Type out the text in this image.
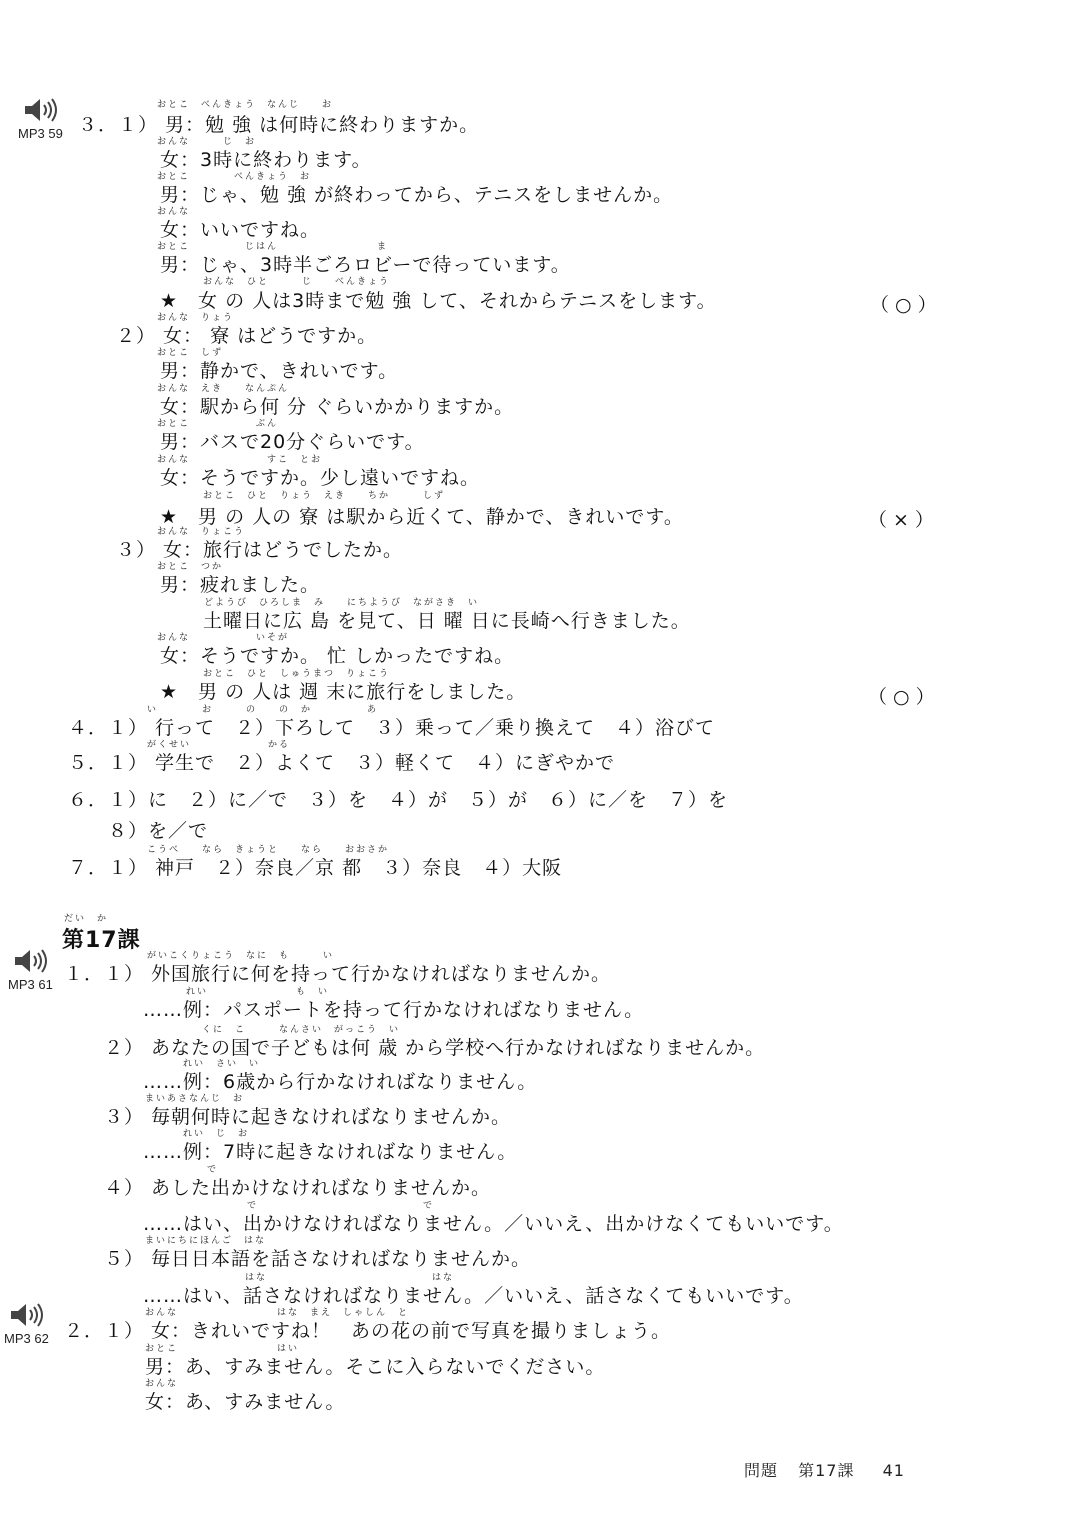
MP3 59
MP3 61
MP3 62
おとこ　べんきょう　なんじ　　お
３．１） 男：勉 強 は何時に終わりますか。
おんな　　　じ　お
女：3時に終わります。
おとこ　　　　べんきょう　お
男：じゃ、勉 強 が終わってから、テニスをしませんか。
おんな
女：いいですね。
おとこ　　　　　じはん　　　　　　　　　ま
男：じゃ、3時半ごろロビーで待っています。
おんな　ひと　　　じ　　べんきょう
★　女 の 人は3時まで勉 強 して、それからテニスをします。	（○）
おんな　りょう
２） 女： 寮 はどうですか。
おとこ　しず
男：静かで、きれいです。
おんな　えき　　なんぷん
女：駅から何 分 ぐらいかかりますか。
おとこ　　　　　　ぶん
男：バスで20分ぐらいです。
おんな　　　　　　　すこ　とお
女：そうですか。少し遠いですね。
おとこ　ひと　りょう　えき　　ちか　　　しず
★　男 の 人の 寮 は駅から近くて、静かで、きれいです。	（×）
おんな　りょこう
３） 女：旅行はどうでしたか。
おとこ　つか
男：疲れました。
どようび　ひろしま　み　　にちようび　ながさき　い
土曜日に広 島 を見て、日 曜 日に長崎へ行きました。
おんな　　　　　　いそが
女：そうですか。 忙 しかったですね。
おとこ　ひと　しゅうまつ　りょこう
★　男 の 人は 週 末に旅行をしました。	（○）
い　　　　お　　　の　　の　か　　　　　あ
４．１） 行って　２）下ろして　３）乗って／乗り換えて　４）浴びて
がくせい　　　　　　　かる
５．１） 学生で　２）よくて　３）軽くて　４）にぎやかで
６．１）に　２）に／で　３）を　４）が　５）が　６）に／を　７）を
８）を／で
こうべ　　なら　きょうと　　なら　　おおさか
７．１） 神戸　２）奈良／京 都　３）奈良　４）大阪
だい　か
第17課
がいこくりょこう　なに　も　　　い
１．１） 外国旅行に何を持って行かなければなりませんか。
れい　　　　　　　　も　い
……例：パスポートを持って行かなければなりません。
くに　こ　　　なんさい　がっこう　い
２） あなたの国で子どもは何 歳 から学校へ行かなければなりませんか。
れい　さい　い
……例：6歳から行かなければなりません。
まいあさなんじ　お
３） 毎朝何時に起きなければなりませんか。
れい　じ　お
……例：7時に起きなければなりません。
で
４） あした出かけなければなりませんか。
で　　　　　　　　　　　　　　　で
……はい、出かけなければなりません。／いいえ、出かけなくてもいいです。
まいにちにほんご　はな
５） 毎日日本語を話さなければなりませんか。
はな　　　　　　　　　　　　　　　はな
……はい、話さなければなりません。／いいえ、話さなくてもいいです。
おんな　　　　　　　　　はな　まえ　しゃしん　と
２．１） 女：きれいですね！　あの花の前で写真を撮りましょう。
おとこ　　　　　　　　　はい
男：あ、すみません。そこに入らないでください。
おんな
女：あ、すみません。
問題 第17課 41
